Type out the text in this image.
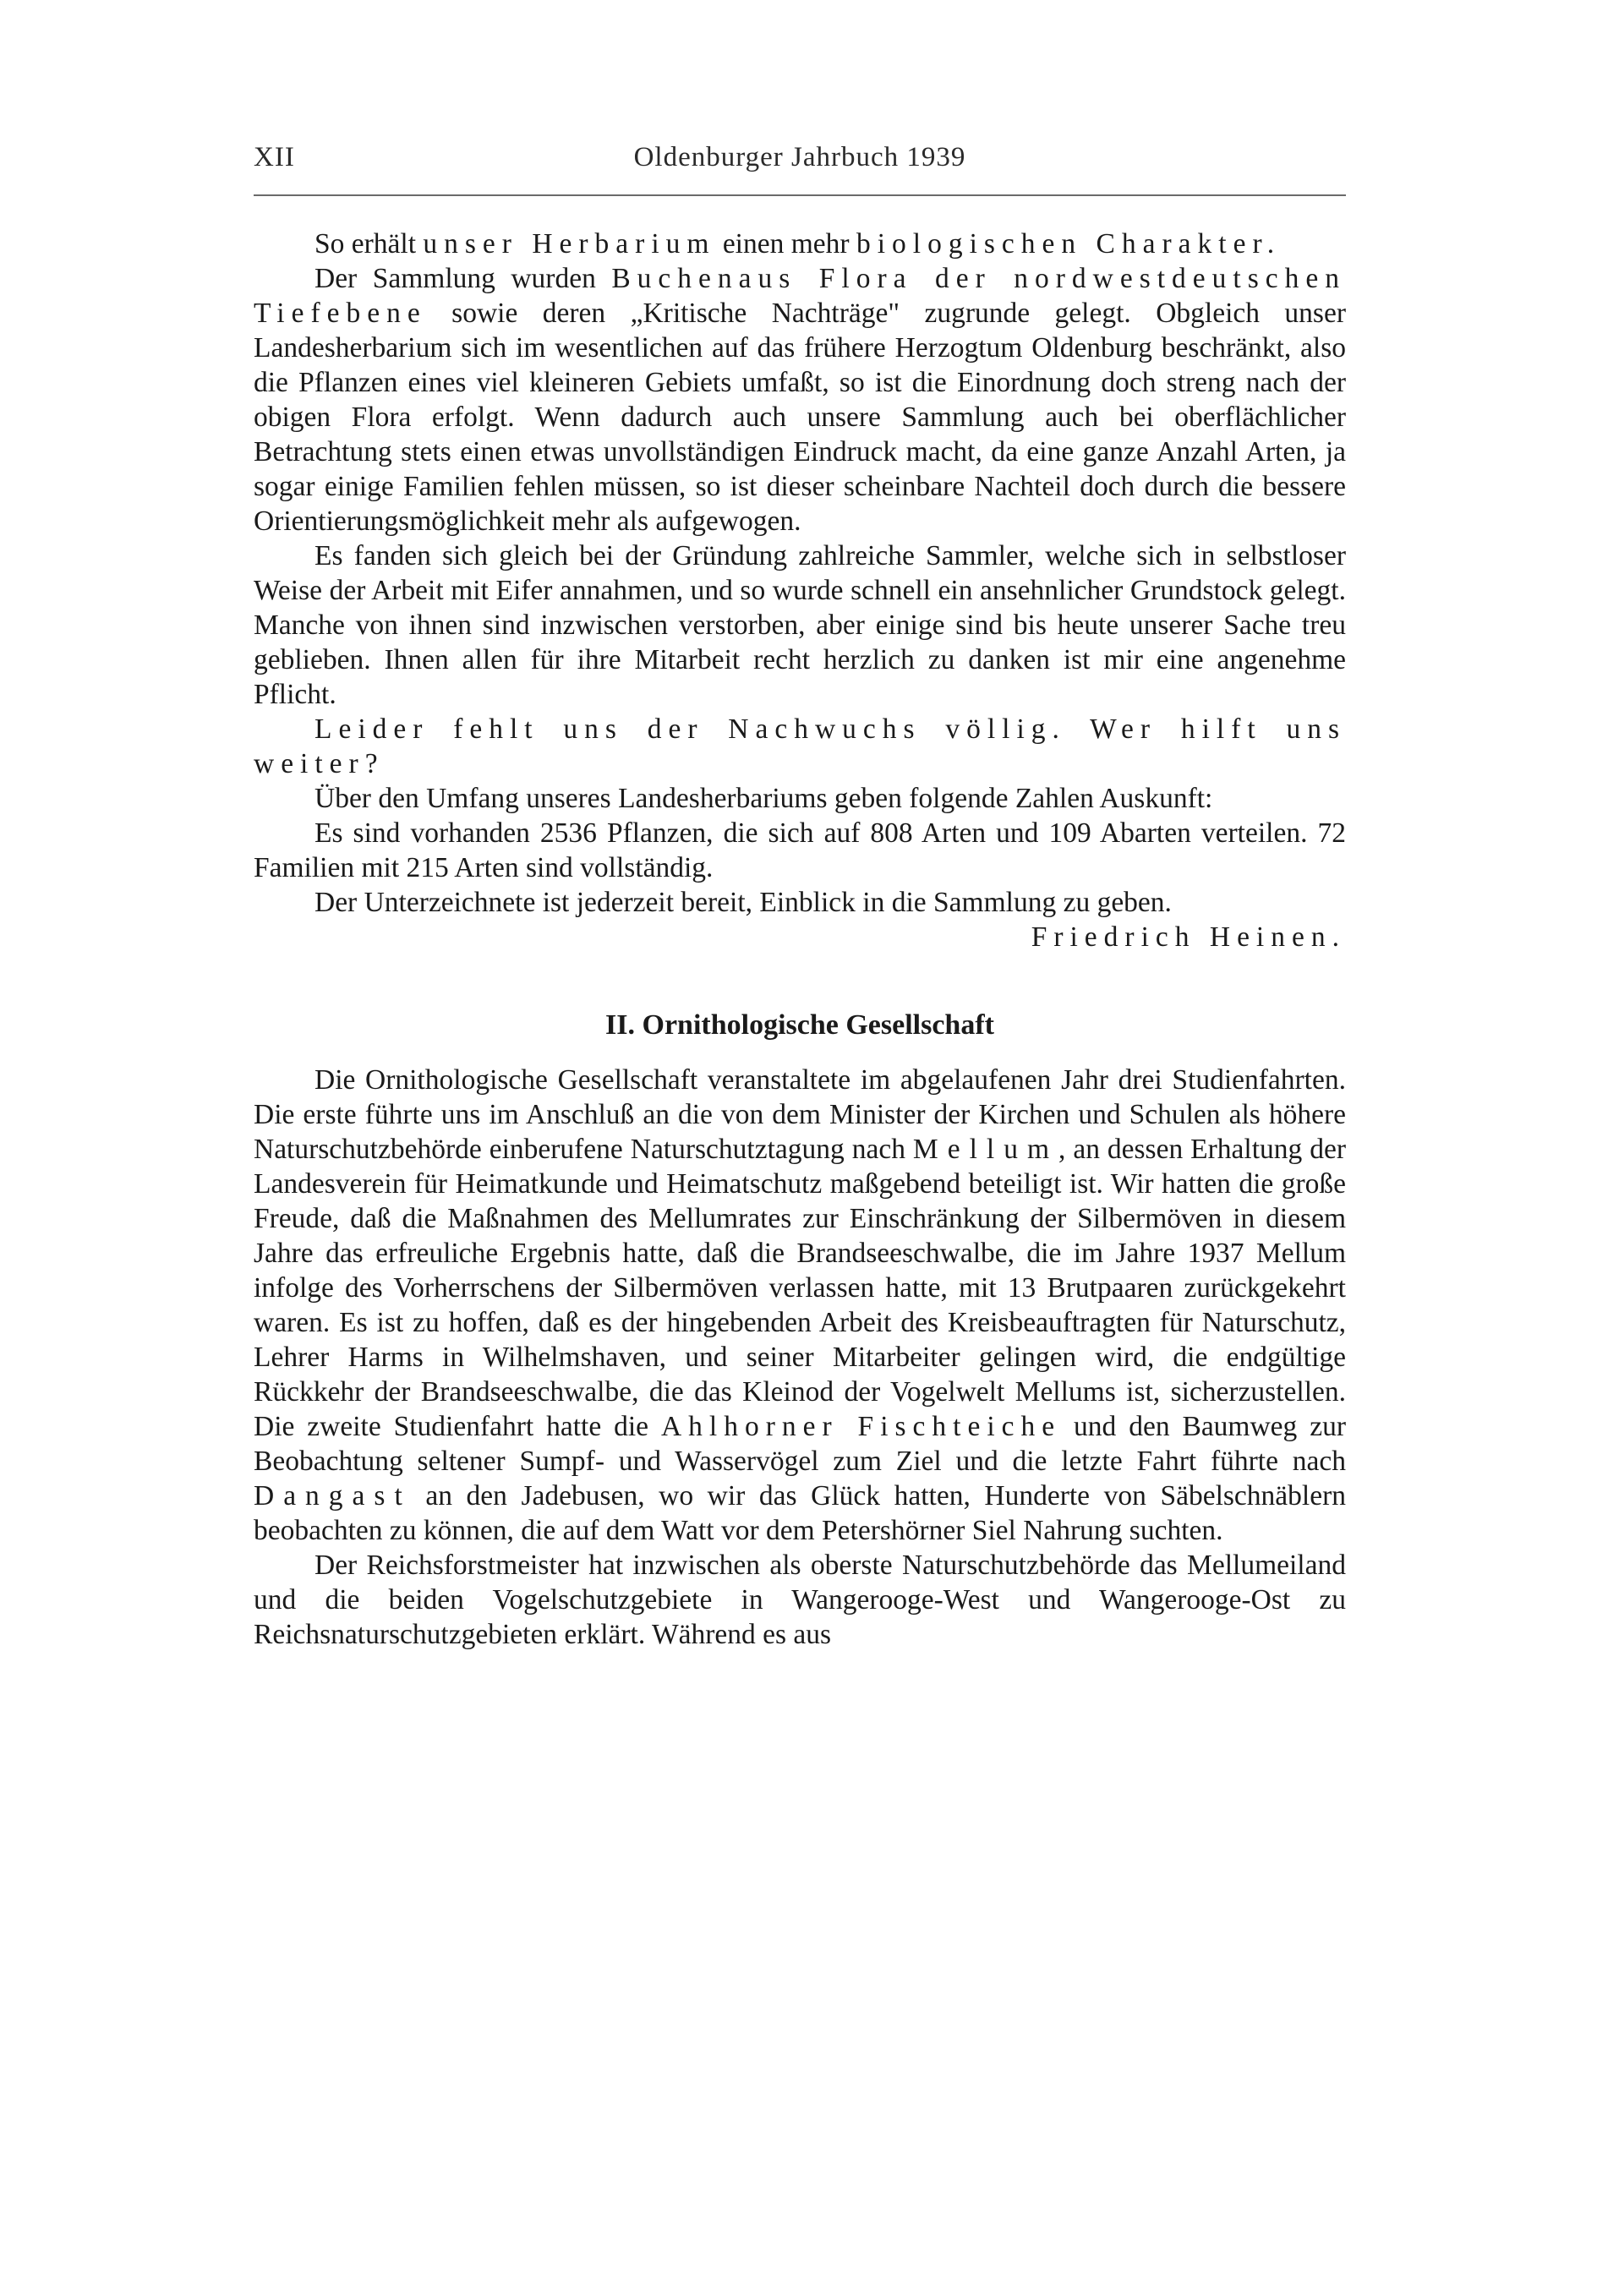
XII	Oldenburger Jahrbuch 1939

So erhält unser Herbarium einen mehr biologischen Charakter.

Der Sammlung wurden Buchenaus Flora der nordwestdeutschen Tiefebene sowie deren „Kritische Nachträge" zugrunde gelegt. Obgleich unser Landesherbarium sich im wesentlichen auf das frühere Herzogtum Oldenburg beschränkt, also die Pflanzen eines viel kleineren Gebiets umfaßt, so ist die Einordnung doch streng nach der obigen Flora erfolgt. Wenn dadurch auch unsere Sammlung auch bei oberflächlicher Betrachtung stets einen etwas unvollständigen Eindruck macht, da eine ganze Anzahl Arten, ja sogar einige Familien fehlen müssen, so ist dieser scheinbare Nachteil doch durch die bessere Orientierungsmöglichkeit mehr als aufgewogen.

Es fanden sich gleich bei der Gründung zahlreiche Sammler, welche sich in selbstloser Weise der Arbeit mit Eifer annahmen, und so wurde schnell ein ansehnlicher Grundstock gelegt. Manche von ihnen sind inzwischen verstorben, aber einige sind bis heute unserer Sache treu geblieben. Ihnen allen für ihre Mitarbeit recht herzlich zu danken ist mir eine angenehme Pflicht.

Leider fehlt uns der Nachwuchs völlig. Wer hilft uns weiter?

Über den Umfang unseres Landesherbariums geben folgende Zahlen Auskunft:

Es sind vorhanden 2536 Pflanzen, die sich auf 808 Arten und 109 Abarten verteilen. 72 Familien mit 215 Arten sind vollständig.

Der Unterzeichnete ist jederzeit bereit, Einblick in die Sammlung zu geben.

Friedrich Heinen.
II. Ornithologische Gesellschaft

Die Ornithologische Gesellschaft veranstaltete im abgelaufenen Jahr drei Studienfahrten. Die erste führte uns im Anschluß an die von dem Minister der Kirchen und Schulen als höhere Naturschutzbehörde einberufene Naturschutztagung nach Mellum, an dessen Erhaltung der Landesverein für Heimatkunde und Heimatschutz maßgebend beteiligt ist. Wir hatten die große Freude, daß die Maßnahmen des Mellumrates zur Einschränkung der Silbermöven in diesem Jahre das erfreuliche Ergebnis hatte, daß die Brandseeschwalbe, die im Jahre 1937 Mellum infolge des Vorherrschens der Silbermöven verlassen hatte, mit 13 Brutpaaren zurückgekehrt waren. Es ist zu hoffen, daß es der hingebenden Arbeit des Kreisbeauftragten für Naturschutz, Lehrer Harms in Wilhelmshaven, und seiner Mitarbeiter gelingen wird, die endgültige Rückkehr der Brandseeschwalbe, die das Kleinod der Vogelwelt Mellums ist, sicherzustellen. Die zweite Studienfahrt hatte die Ahlhorner Fischteiche und den Baumweg zur Beobachtung seltener Sumpf- und Wasservögel zum Ziel und die letzte Fahrt führte nach Dangast an den Jadebusen, wo wir das Glück hatten, Hunderte von Säbelschnäblern beobachten zu können, die auf dem Watt vor dem Petershörner Siel Nahrung suchten.

Der Reichsforstmeister hat inzwischen als oberste Naturschutzbehörde das Mellumeiland und die beiden Vogelschutzgebiete in Wangerooge-West und Wangerooge-Ost zu Reichsnaturschutzgebieten erklärt. Während es aus
